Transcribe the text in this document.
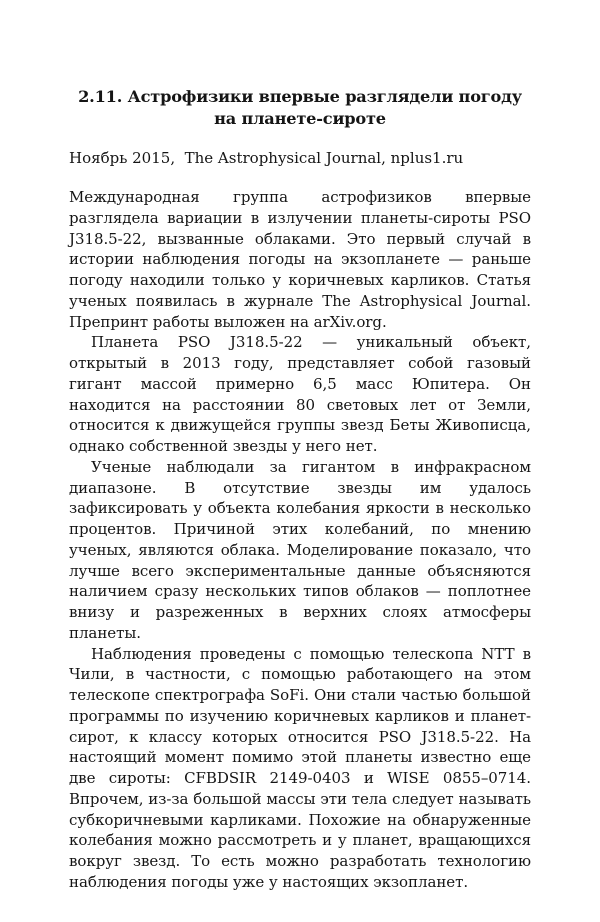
2.11. Астрофизики впервые разглядели погоду на планете-сироте

Ноябрь 2015,  The Astrophysical Journal, nplus1.ru

Международная группа астрофизиков впервые разглядела вариации в излучении планеты-сироты PSO J318.5-22, вызванные облаками. Это первый случай в истории наблюдения погоды на экзопланете — раньше погоду находили только у коричневых карликов. Статья ученых появилась в журнале The Astrophysical Journal. Препринт работы выложен на arXiv.org.

Планета PSO J318.5-22 — уникальный объект, открытый в 2013 году, представляет собой газовый гигант массой примерно 6,5 масс Юпитера. Он находится на расстоянии 80 световых лет от Земли, относится к движущейся группы звезд Беты Живописца, однако собственной звезды у него нет.

Ученые наблюдали за гигантом в инфракрасном диапазоне. В отсутствие звезды им удалось зафиксировать у объекта колебания яркости в несколько процентов. Причиной этих колебаний, по мнению ученых, являются облака. Моделирование показало, что лучше всего экспериментальные данные объясняются наличием сразу нескольких типов облаков — поплотнее внизу и разреженных в верхних слоях атмосферы планеты.

Наблюдения проведены с помощью телескопа NTT в Чили, в частности, с помощью работающего на этом телескопе спектрографа SoFi. Они стали частью большой программы по изучению коричневых карликов и планет-сирот, к классу которых относится PSO J318.5-22. На настоящий момент помимо этой планеты известно еще две сироты: CFBDSIR 2149-0403 и WISE 0855–0714. Впрочем, из-за большой массы эти тела следует называть субкоричневыми карликами. Похожие на обнаруженные колебания можно рассмотреть и у планет, вращающихся вокруг звезд. То есть можно разработать технологию наблюдения погоды уже у настоящих экзопланет.
